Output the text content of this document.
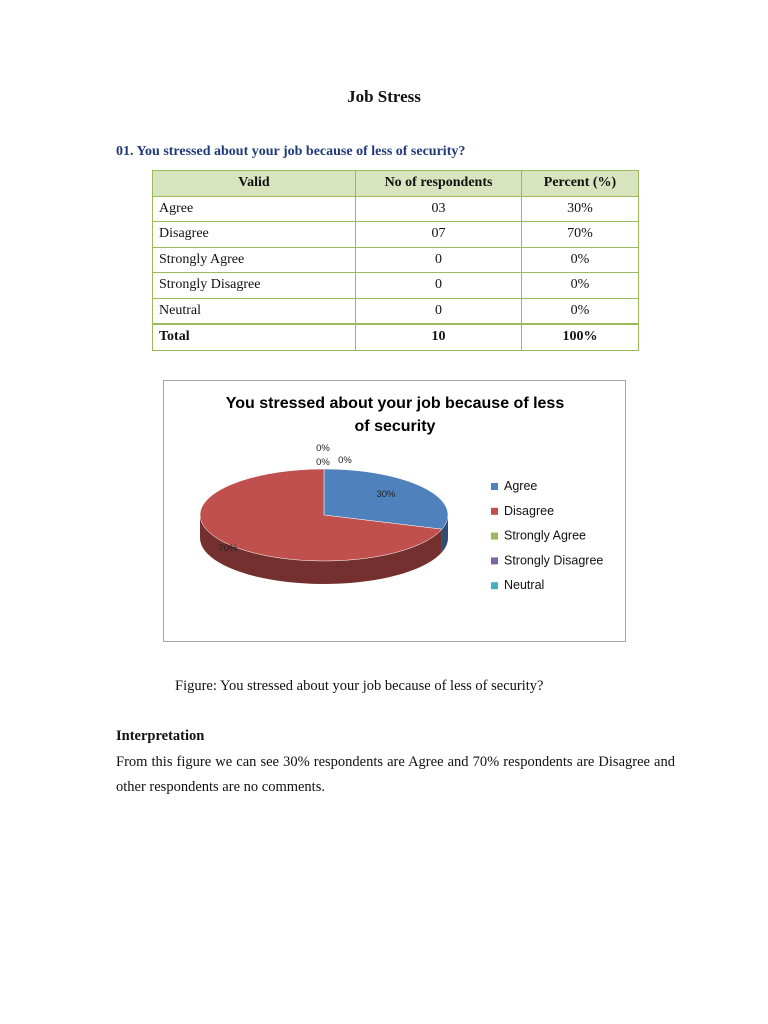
Job Stress
01. You stressed about your job because of less of security?
Valid	No of respondents	Percent (%)
Agree	03	30%
Disagree	07	70%
Strongly Agree	0	0%
Strongly Disagree	0	0%
Neutral	0	0%
Total	10	100%
You stressed about your job because of less
of security
30%
70%
0%
0% 0%
Agree
Disagree
Strongly Agree
Strongly Disagree
Neutral
Figure: You stressed about your job because of less of security?
Interpretation
From this figure we can see 30% respondents are Agree and 70% respondents are Disagree and other respondents are no comments.
